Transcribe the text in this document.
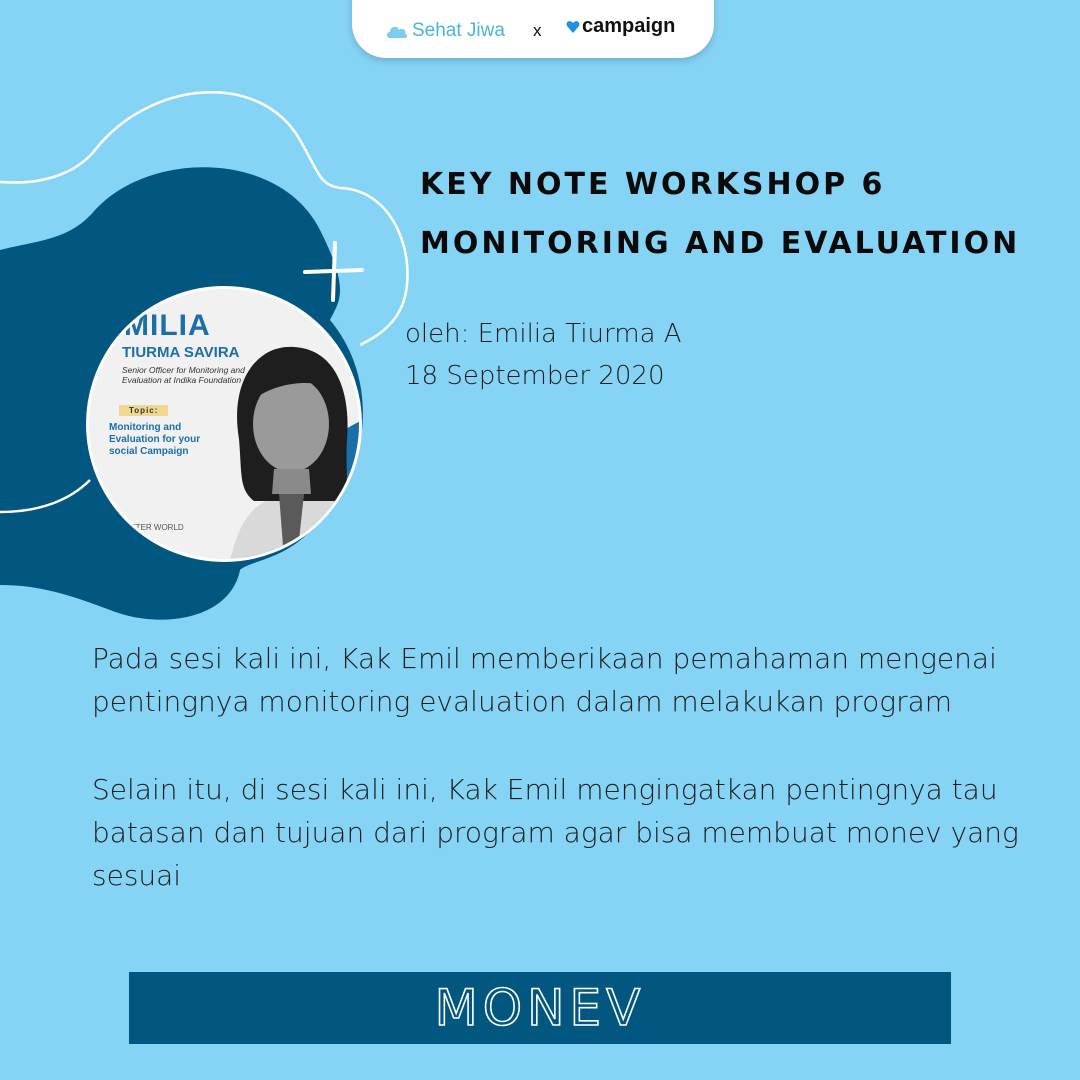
Sehat Jiwa x campaign
EMILIA
TIURMA SAVIRA
Senior Officer for Monitoring and Evaluation at Indika Foundation
Topic:
Monitoring and Evaluation for your social Campaign
A BETTER WORLD PRIZE
KEY NOTE WORKSHOP 6
MONITORING AND EVALUATION
oleh: Emilia Tiurma A
18 September 2020
Pada sesi kali ini, Kak Emil memberikaan pemahaman mengenai pentingnya monitoring evaluation dalam melakukan program
Selain itu, di sesi kali ini, Kak Emil mengingatkan pentingnya tau batasan dan tujuan dari program agar bisa membuat monev yang sesuai
MONEV
